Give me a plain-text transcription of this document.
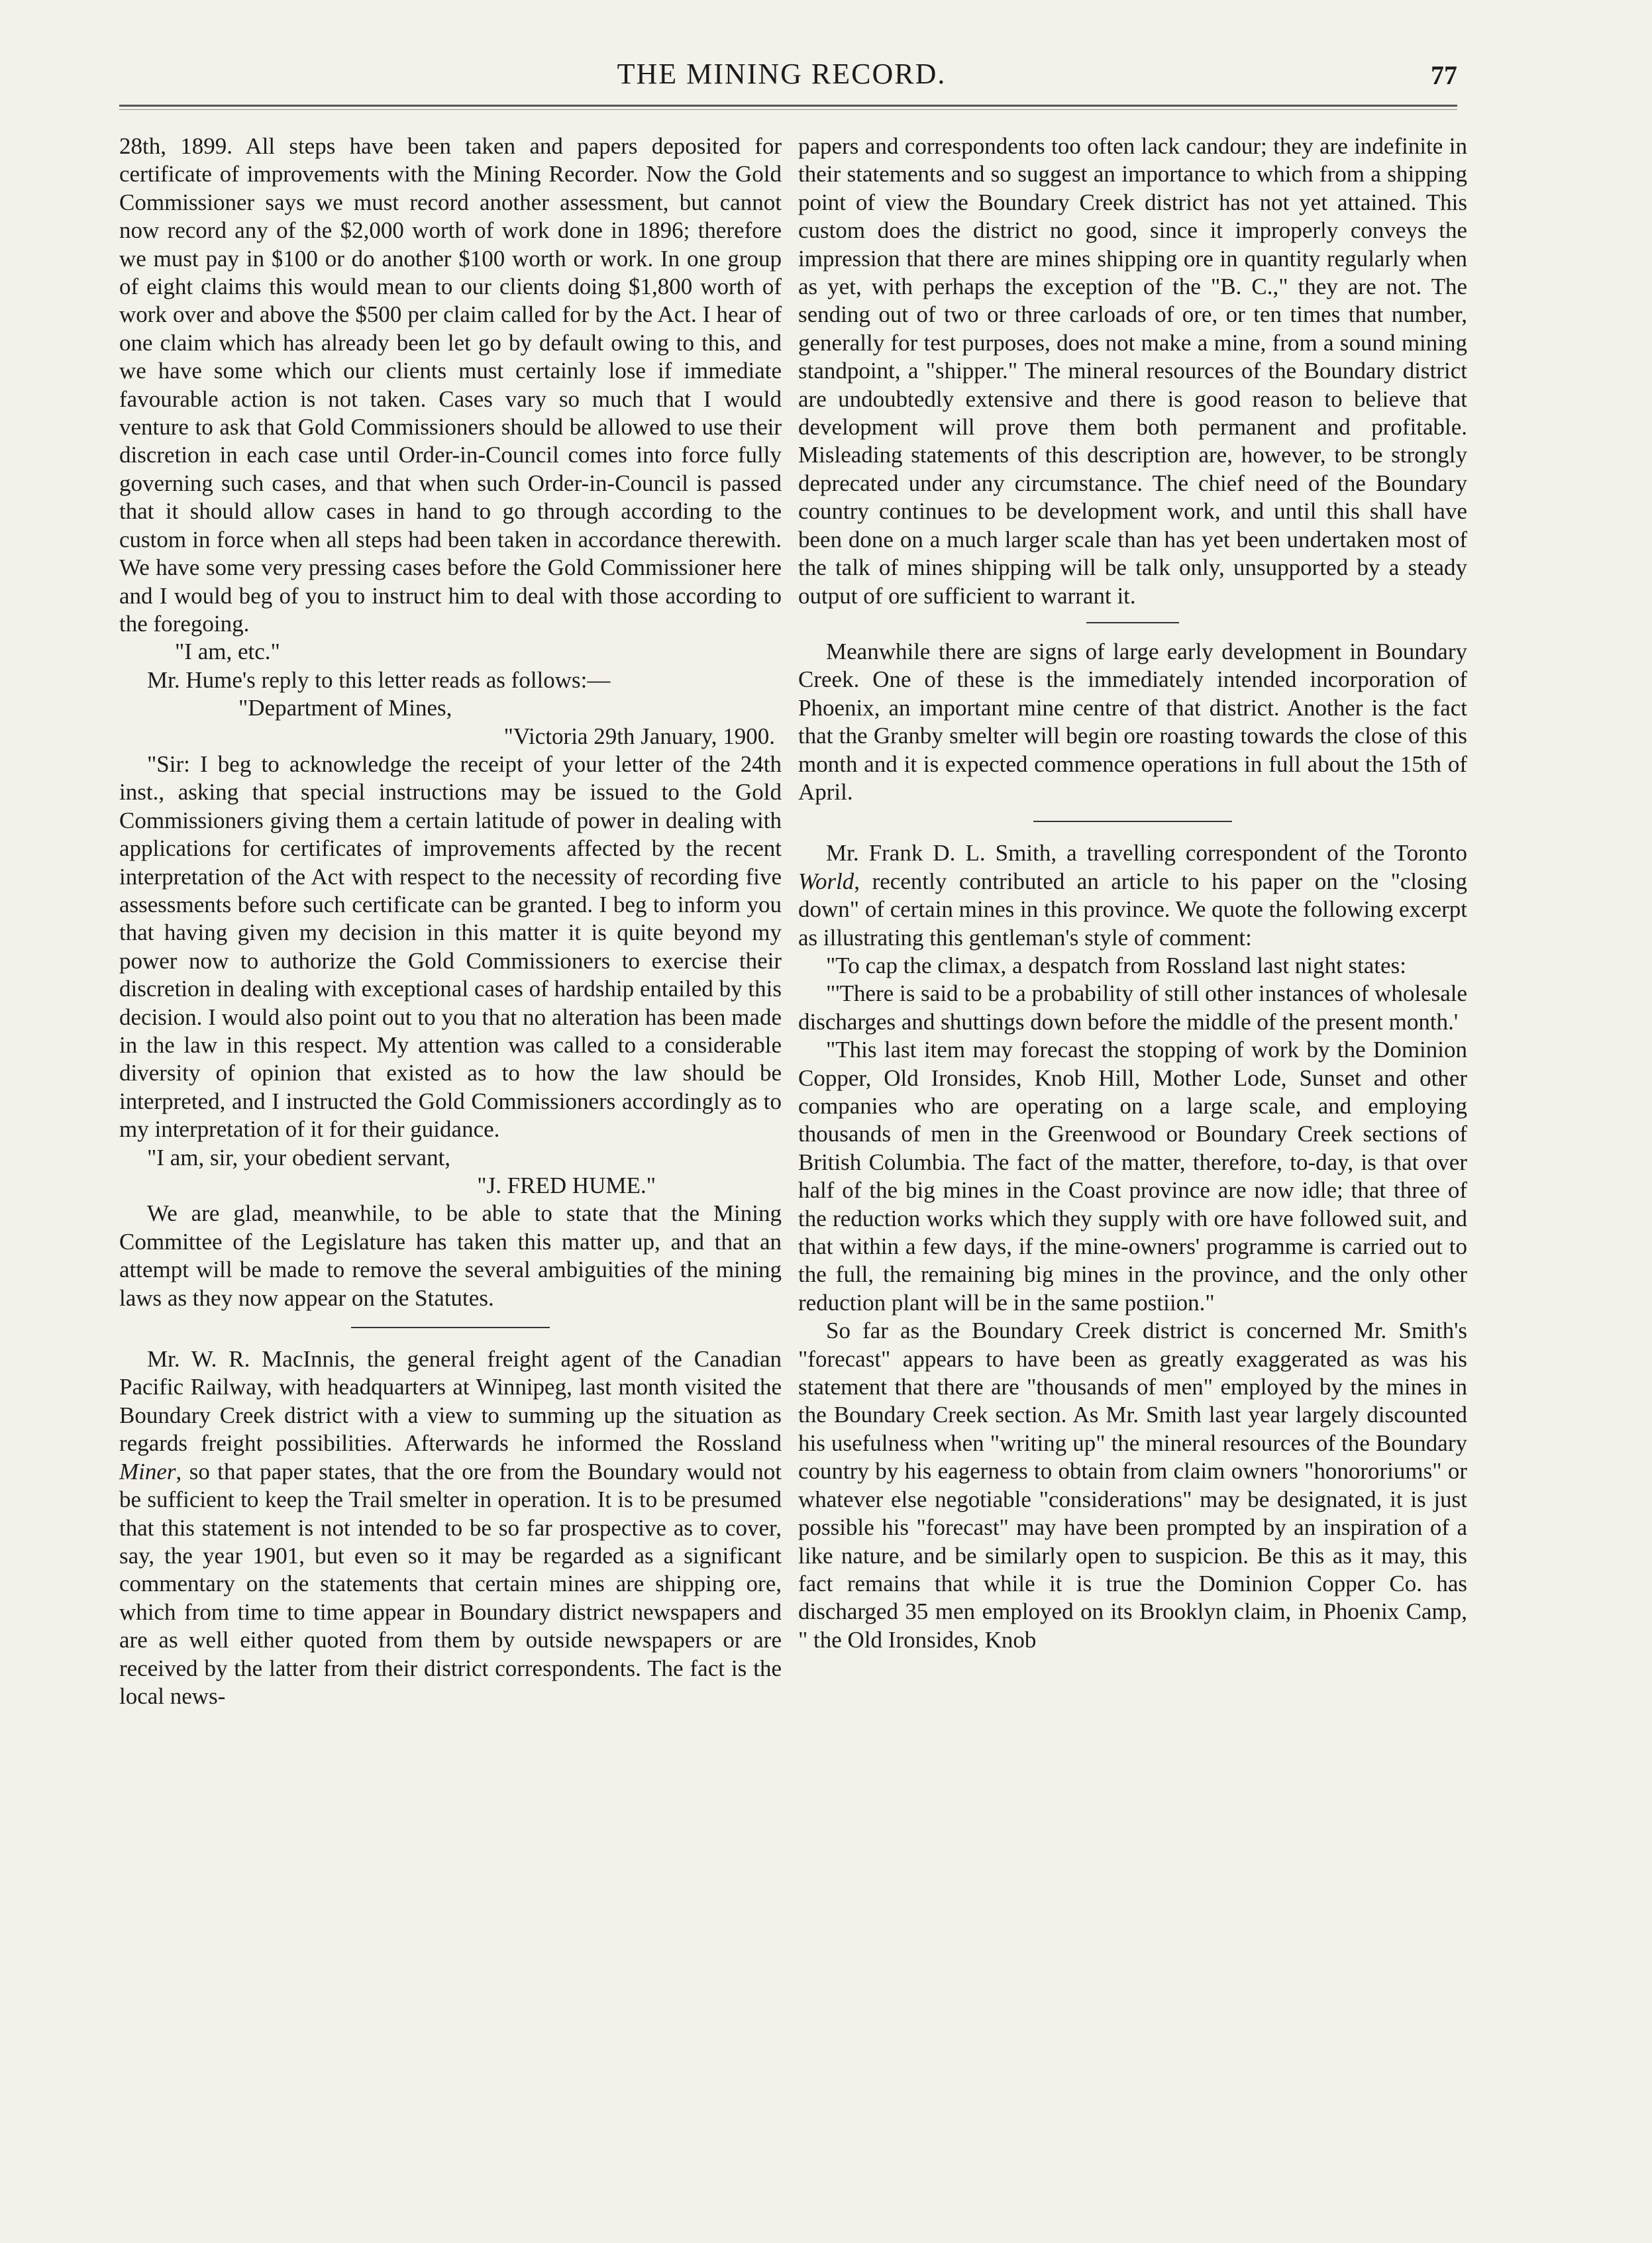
THE MINING RECORD.	77

28th, 1899. All steps have been taken and papers deposited for certificate of improvements with the Mining Recorder. Now the Gold Commissioner says we must record another assessment, but cannot now record any of the $2,000 worth of work done in 1896; therefore we must pay in $100 or do another $100 worth or work. In one group of eight claims this would mean to our clients doing $1,800 worth of work over and above the $500 per claim called for by the Act. I hear of one claim which has already been let go by default owing to this, and we have some which our clients must certainly lose if immediate favourable action is not taken. Cases vary so much that I would venture to ask that Gold Commissioners should be allowed to use their discretion in each case until Order-in-Council comes into force fully governing such cases, and that when such Order-in-Council is passed that it should allow cases in hand to go through according to the custom in force when all steps had been taken in accordance therewith. We have some very pressing cases before the Gold Commissioner here and I would beg of you to instruct him to deal with those according to the foregoing.

"I am, etc."

Mr. Hume's reply to this letter reads as follows:—

"Department of Mines,

"Victoria 29th January, 1900.

"Sir: I beg to acknowledge the receipt of your letter of the 24th inst., asking that special instructions may be issued to the Gold Commissioners giving them a certain latitude of power in dealing with applications for certificates of improvements affected by the recent interpretation of the Act with respect to the necessity of recording five assessments before such certificate can be granted. I beg to inform you that having given my decision in this matter it is quite beyond my power now to authorize the Gold Commissioners to exercise their discretion in dealing with exceptional cases of hardship entailed by this decision. I would also point out to you that no alteration has been made in the law in this respect. My attention was called to a considerable diversity of opinion that existed as to how the law should be interpreted, and I instructed the Gold Commissioners accordingly as to my interpretation of it for their guidance.

"I am, sir, your obedient servant,

"J. FRED HUME."

We are glad, meanwhile, to be able to state that the Mining Committee of the Legislature has taken this matter up, and that an attempt will be made to remove the several ambiguities of the mining laws as they now appear on the Statutes.

Mr. W. R. MacInnis, the general freight agent of the Canadian Pacific Railway, with headquarters at Winnipeg, last month visited the Boundary Creek district with a view to summing up the situation as regards freight possibilities. Afterwards he informed the Rossland Miner, so that paper states, that the ore from the Boundary would not be sufficient to keep the Trail smelter in operation. It is to be presumed that this statement is not intended to be so far prospective as to cover, say, the year 1901, but even so it may be regarded as a significant commentary on the statements that certain mines are shipping ore, which from time to time appear in Boundary district newspapers and are as well either quoted from them by outside newspapers or are received by the latter from their district correspondents. The fact is the local news-

papers and correspondents too often lack candour; they are indefinite in their statements and so suggest an importance to which from a shipping point of view the Boundary Creek district has not yet attained. This custom does the district no good, since it improperly conveys the impression that there are mines shipping ore in quantity regularly when as yet, with perhaps the exception of the "B. C.," they are not. The sending out of two or three carloads of ore, or ten times that number, generally for test purposes, does not make a mine, from a sound mining standpoint, a "shipper." The mineral resources of the Boundary district are undoubtedly extensive and there is good reason to believe that development will prove them both permanent and profitable. Misleading statements of this description are, however, to be strongly deprecated under any circumstance. The chief need of the Boundary country continues to be development work, and until this shall have been done on a much larger scale than has yet been undertaken most of the talk of mines shipping will be talk only, unsupported by a steady output of ore sufficient to warrant it.

Meanwhile there are signs of large early development in Boundary Creek. One of these is the immediately intended incorporation of Phoenix, an important mine centre of that district. Another is the fact that the Granby smelter will begin ore roasting towards the close of this month and it is expected commence operations in full about the 15th of April.

Mr. Frank D. L. Smith, a travelling correspondent of the Toronto World, recently contributed an article to his paper on the "closing down" of certain mines in this province. We quote the following excerpt as illustrating this gentleman's style of comment:

"To cap the climax, a despatch from Rossland last night states:

"'There is said to be a probability of still other instances of wholesale discharges and shuttings down before the middle of the present month.'

"This last item may forecast the stopping of work by the Dominion Copper, Old Ironsides, Knob Hill, Mother Lode, Sunset and other companies who are operating on a large scale, and employing thousands of men in the Greenwood or Boundary Creek sections of British Columbia. The fact of the matter, therefore, to-day, is that over half of the big mines in the Coast province are now idle; that three of the reduction works which they supply with ore have followed suit, and that within a few days, if the mine-owners' programme is carried out to the full, the remaining big mines in the province, and the only other reduction plant will be in the same postiion."

So far as the Boundary Creek district is concerned Mr. Smith's "forecast" appears to have been as greatly exaggerated as was his statement that there are "thousands of men" employed by the mines in the Boundary Creek section. As Mr. Smith last year largely discounted his usefulness when "writing up" the mineral resources of the Boundary country by his eagerness to obtain from claim owners "honororiums" or whatever else negotiable "considerations" may be designated, it is just possible his "forecast" may have been prompted by an inspiration of a like nature, and be similarly open to suspicion. Be this as it may, this fact remains that while it is true the Dominion Copper Co. has discharged 35 men employed on its Brooklyn claim, in Phoenix Camp, " the Old Ironsides, Knob
